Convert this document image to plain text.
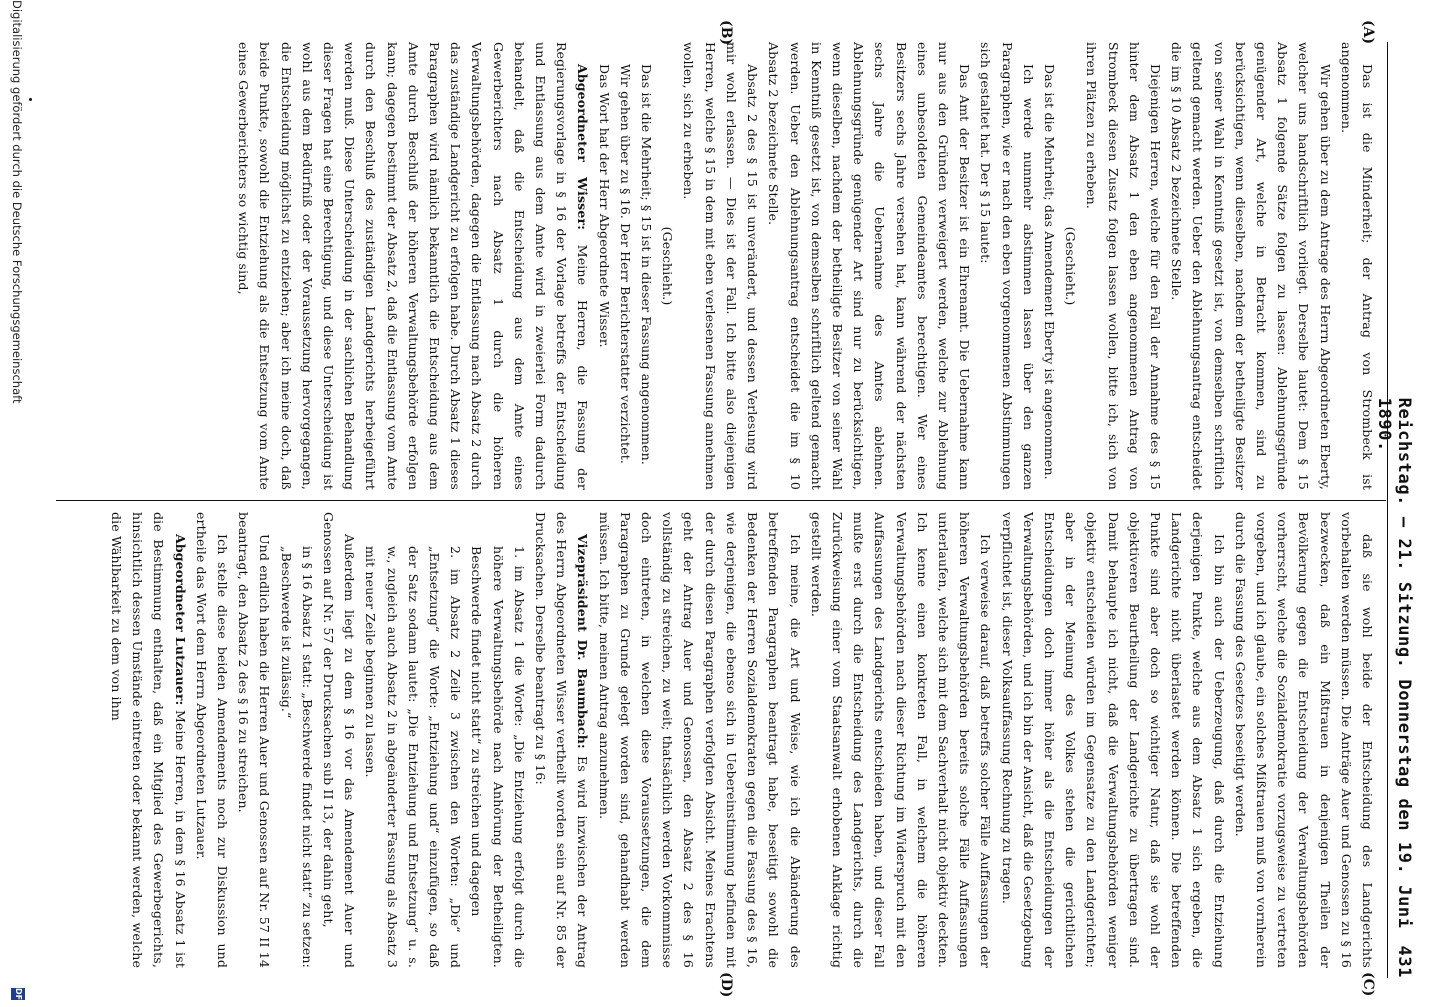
Reichstag. — 21. Sitzung. Donnerstag den 19. Juni 1890.
431
(A)
(B)
(C)
(D)

Das ist die Minderheit; der Antrag von Strombeck ist angenommen.

Wir gehen über zu dem Antrage des Herrn Abgeordneten Eberty, welcher uns handschriftlich vorliegt. Derselbe lautet: Dem § 15 Absatz 1 folgende Sätze folgen zu lassen: Ablehnungsgründe genügender Art, welche in Betracht kommen, sind zu berücksichtigen, wenn dieselben, nachdem der betheiligte Besitzer von seiner Wahl in Kenntniß gesetzt ist, von demselben schriftlich geltend gemacht werden. Ueber den Ablehnungsantrag entscheidet die im § 10 Absatz 2 bezeichnete Stelle.

Diejenigen Herren, welche für den Fall der Annahme des § 15 hinter dem Absatz 1 den eben angenommenen Antrag von Strombeck diesen Zusatz folgen lassen wollen, bitte ich, sich von ihren Plätzen zu erheben.

(Geschieht.)

Das ist die Mehrheit; das Amendement Eberty ist angenommen.

Ich werde nunmehr abstimmen lassen über den ganzen Paragraphen, wie er nach den eben vorgenommenen Abstimmungen sich gestaltet hat. Der § 15 lautet:

Das Amt der Besitzer ist ein Ehrenamt. Die Uebernahme kann nur aus den Gründen verweigert werden, welche zur Ablehnung eines unbesoldeten Gemeindeamtes berechtigen. Wer eines Besitzers sechs Jahre versehen hat, kann während der nächsten sechs Jahre die Uebernahme des Amtes ablehnen. Ablehnungsgründe genügender Art sind nur zu berücksichtigen, wenn dieselben, nachdem der betheiligte Besitzer von seiner Wahl in Kenntniß gesetzt ist, von demselben schriftlich geltend gemacht werden. Ueber den Ablehnungsantrag entscheidet die im § 10 Absatz 2 bezeichnete Stelle.

Absatz 2 des § 15 ist unverändert, und dessen Verlesung wird mir wohl erlassen. — Dies ist der Fall. Ich bitte also diejenigen Herren, welche § 15 in dem mit eben verlesenen Fassung annehmen wollen, sich zu erheben.

(Geschieht.)

Das ist die Mehrheit; § 15 ist in dieser Fassung angenommen.

Wir gehen über zu § 16. Der Herr Berichterstatter verzichtet.

Das Wort hat der Herr Abgeordnete Wisser.

Abgeordneter Wisser: Meine Herren, die Fassung der Regierungsvorlage in § 16 der Vorlage betreffs der Entscheidung und Entlassung aus dem Amte wird in zweierlei Form dadurch behandelt, daß die Entscheidung aus dem Amte eines Gewerberichters nach Absatz 1 durch die höheren Verwaltungsbehörden, dagegen die Entlassung nach Absatz 2 durch das zuständige Landgericht zu erfolgen habe. Durch Absatz 1 dieses Paragraphen wird nämlich bekanntlich die Entscheidung aus dem Amte durch Beschluß der höheren Verwaltungsbehörde erfolgen kann; dagegen bestimmt der Absatz 2, daß die Entlassung vom Amte durch den Beschluß des zuständigen Landgerichts herbeigeführt werden muß. Diese Unterscheidung in der sachlichen Behandlung dieser Fragen hat eine Berechtigung, und diese Unterscheidung ist wohl aus dem Bedürfniß oder der Voraussetzung hervorgegangen, die Entscheidung möglichst zu entziehen; aber ich meine doch, daß beide Punkte, sowohl die Entziehung als die Entsetzung vom Amte eines Gewerberichters so wichtig sind,

daß sie wohl beide der Entscheidung des Landgerichts vorbehalten werden müssen. Die Anträge Auer und Genossen zu § 16 bezwecken, daß ein Mißtrauen in denjenigen Theilen der Bevölkerung gegen die Entscheidung der Verwaltungsbehörden vorherrscht, welche die Sozialdemokratie vorzugsweise zu vertreten vorgeben, und ich glaube, ein solches Mißtrauen muß von vornherein durch die Fassung des Gesetzes beseitigt werden.

Ich bin auch der Ueberzeugung, daß durch die Entziehung derjenigen Punkte, welche aus dem Absatz 1 sich ergeben, die Landgerichte nicht überlastet werden können. Die betreffenden Punkte sind aber doch so wichtiger Natur, daß sie wohl der objektiveren Beurtheilung der Landgerichte zu übertragen sind. Damit behaupte ich nicht, daß die Verwaltungsbehörden weniger objektiv entscheiden würden im Gegensatze zu den Landgerichten; aber in der Meinung des Volkes stehen die gerichtlichen Entscheidungen doch immer höher als die Entscheidungen der Verwaltungsbehörden, und ich bin der Ansicht, daß die Gesetzgebung verpflichtet ist, dieser Volksauffassung Rechnung zu tragen.

Ich verweise darauf, daß betreffs solcher Fälle Auffassungen der höheren Verwaltungsbehörden bereits solche Fälle Auffassungen unterlaufen, welche sich mit dem Sachverhalt nicht objektiv deckten. Ich kenne einen konkreten Fall, in welchem die höheren Verwaltungsbehörden nach dieser Richtung im Widerspruch mit den Auffassungen des Landgerichts entschieden haben, und dieser Fall mußte erst durch die Entscheidung des Landgerichts, durch die Zurückweisung einer vom Staatsanwalt erhobenen Anklage richtig gestellt werden.

Ich meine, die Art und Weise, wie ich die Abänderung des betreffenden Paragraphen beantragt habe, beseitigt sowohl die Bedenken der Herren Sozialdemokraten gegen die Fassung des § 16, wie derjenigen, die ebenso sich in Uebereinstimmung befinden mit der durch diesen Paragraphen verfolgten Absicht. Meines Erachtens geht der Antrag Auer und Genossen, den Absatz 2 des § 16 vollständig zu streichen, zu weit; thatsächlich werden Vorkommnisse doch eintreten, in welchen diese Voraussetzungen, die dem Paragraphen zu Grunde gelegt worden sind, gehandhabt werden müssen. Ich bitte, meinen Antrag anzunehmen.

Vizepräsident Dr. Baumbach: Es wird inzwischen der Antrag des Herrn Abgeordneten Wisser vertheilt worden sein auf Nr. 85 der Drucksachen. Derselbe beantragt zu § 16:

1. im Absatz 1 die Worte: „Die Entziehung erfolgt durch die höhere Verwaltungsbehörde nach Anhörung der Betheiligten. Beschwerde findet nicht statt“ zu streichen und dagegen

2. im Absatz 2 Zeile 3 zwischen den Worten: „Die“ und „Entsetzung“ die Worte: „Entziehung und“ einzufügen, so daß der Satz sodann lautet: „Die Entziehung und Entsetzung“ u. s. w., zugleich auch Absatz 2 in abgeänderter Fassung als Absatz 3 mit neuer Zeile beginnen zu lassen.

Außerdem liegt zu dem § 16 vor das Amendement Auer und Genossen auf Nr. 57 der Drucksachen sub II 13, der dahin geht,

in § 16 Absatz 1 statt: „Beschwerde findet nicht statt“ zu setzen: „Beschwerde ist zulässig.“

Und endlich haben die Herren Auer und Genossen auf Nr. 57 II 14 beantragt, den Absatz 2 des § 16 zu streichen.

Ich stelle diese beiden Amendements noch zur Diskussion und ertheile das Wort dem Herrn Abgeordneten Lutzauer.

Abgeordneter Lutzauer: Meine Herren, in dem § 16 Absatz 1 ist die Bestimmung enthalten, daß ein Mitglied des Gewerbegerichts, hinsichtlich dessen Umstände eintreten oder bekannt werden, welche die Wählbarkeit zu dem von ihm

Digitalisierung gefördert durch die Deutsche Forschungsgemeinschaft
DFG
